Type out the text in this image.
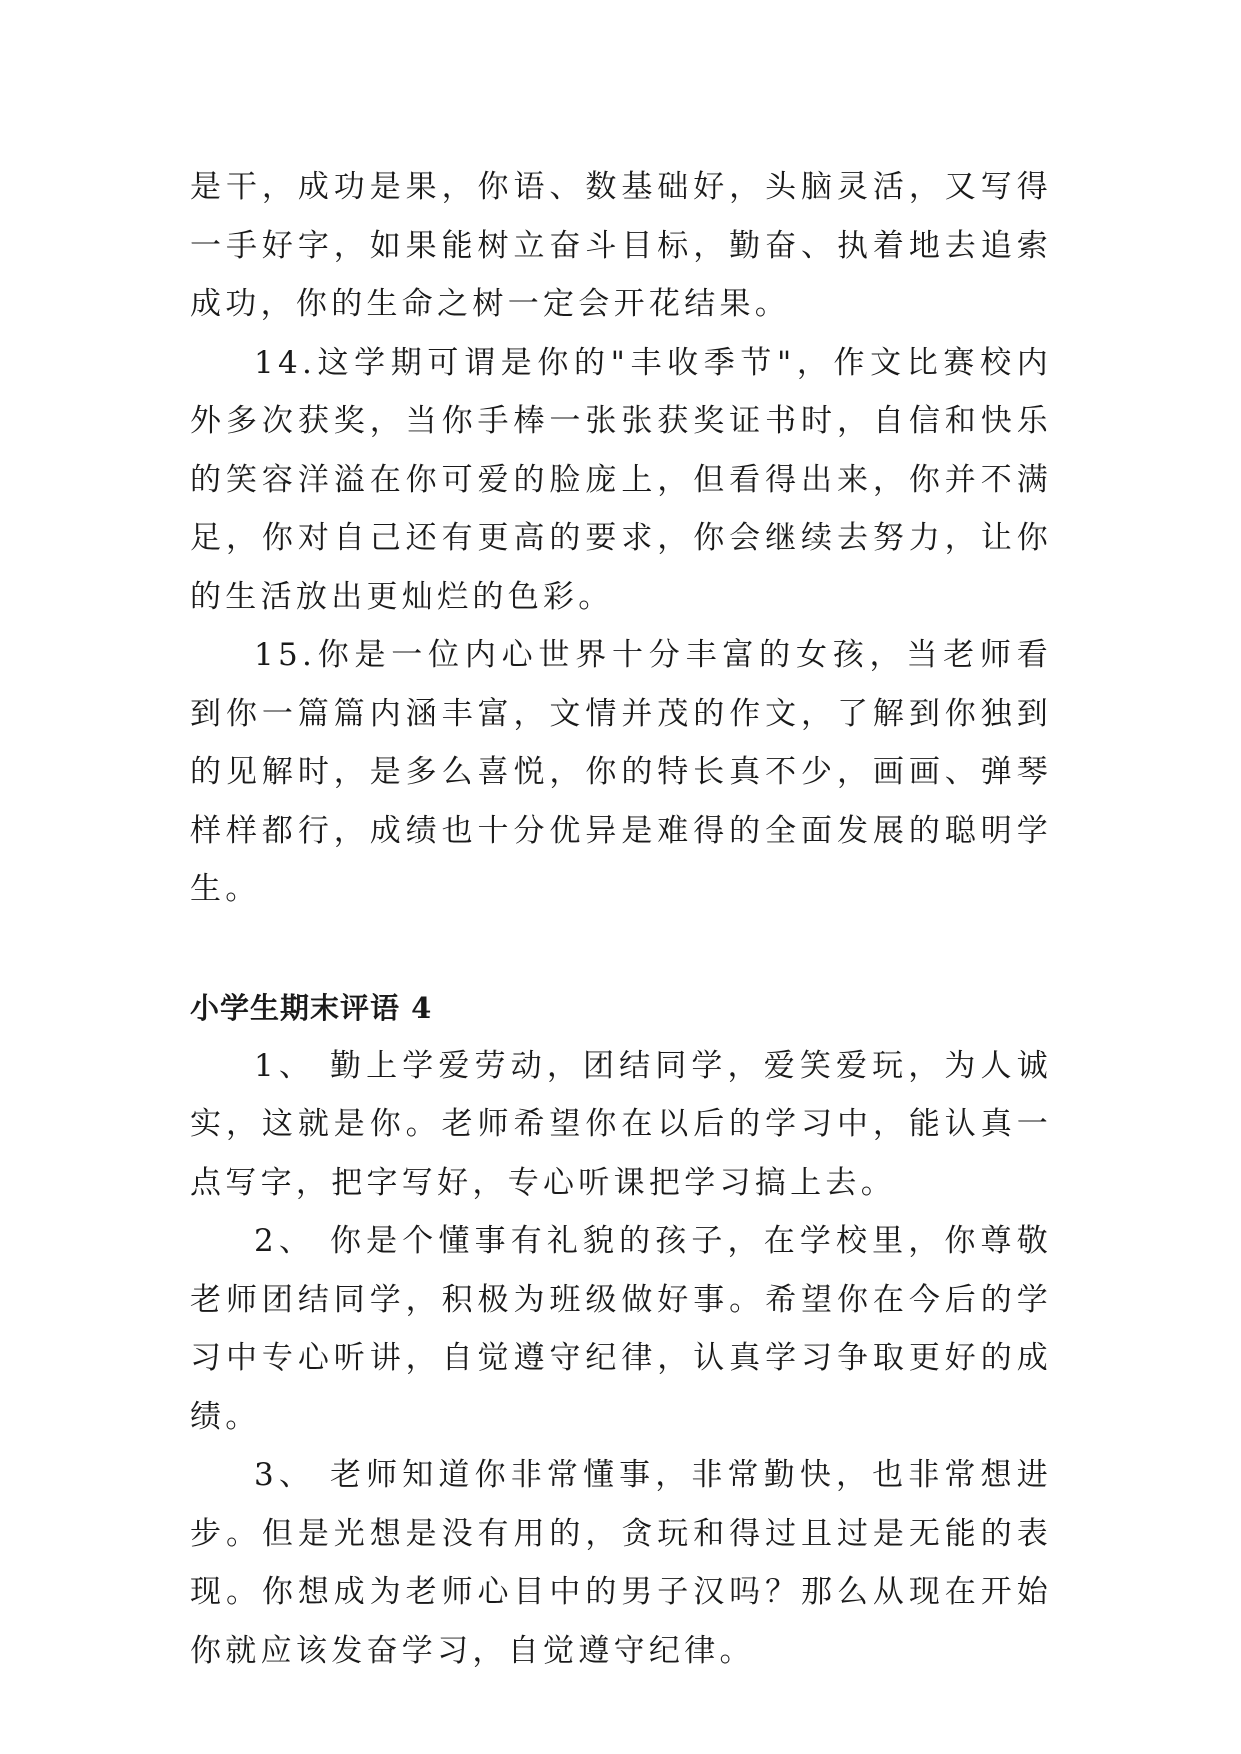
是干，成功是果，你语、数基础好，头脑灵活，又写得一手好字，如果能树立奋斗目标，勤奋、执着地去追索成功，你的生命之树一定会开花结果。

14.这学期可谓是你的"丰收季节"，作文比赛校内外多次获奖，当你手棒一张张获奖证书时，自信和快乐的笑容洋溢在你可爱的脸庞上，但看得出来，你并不满足，你对自己还有更高的要求，你会继续去努力，让你的生活放出更灿烂的色彩。

15.你是一位内心世界十分丰富的女孩，当老师看到你一篇篇内涵丰富，文情并茂的作文，了解到你独到的见解时，是多么喜悦，你的特长真不少，画画、弹琴样样都行，成绩也十分优异是难得的全面发展的聪明学生。

小学生期末评语 4

1、 勤上学爱劳动，团结同学，爱笑爱玩，为人诚实，这就是你。老师希望你在以后的学习中，能认真一点写字，把字写好，专心听课把学习搞上去。

2、 你是个懂事有礼貌的孩子，在学校里，你尊敬老师团结同学，积极为班级做好事。希望你在今后的学习中专心听讲，自觉遵守纪律，认真学习争取更好的成绩。

3、 老师知道你非常懂事，非常勤快，也非常想进步。但是光想是没有用的，贪玩和得过且过是无能的表现。你想成为老师心目中的男子汉吗？那么从现在开始你就应该发奋学习，自觉遵守纪律。
